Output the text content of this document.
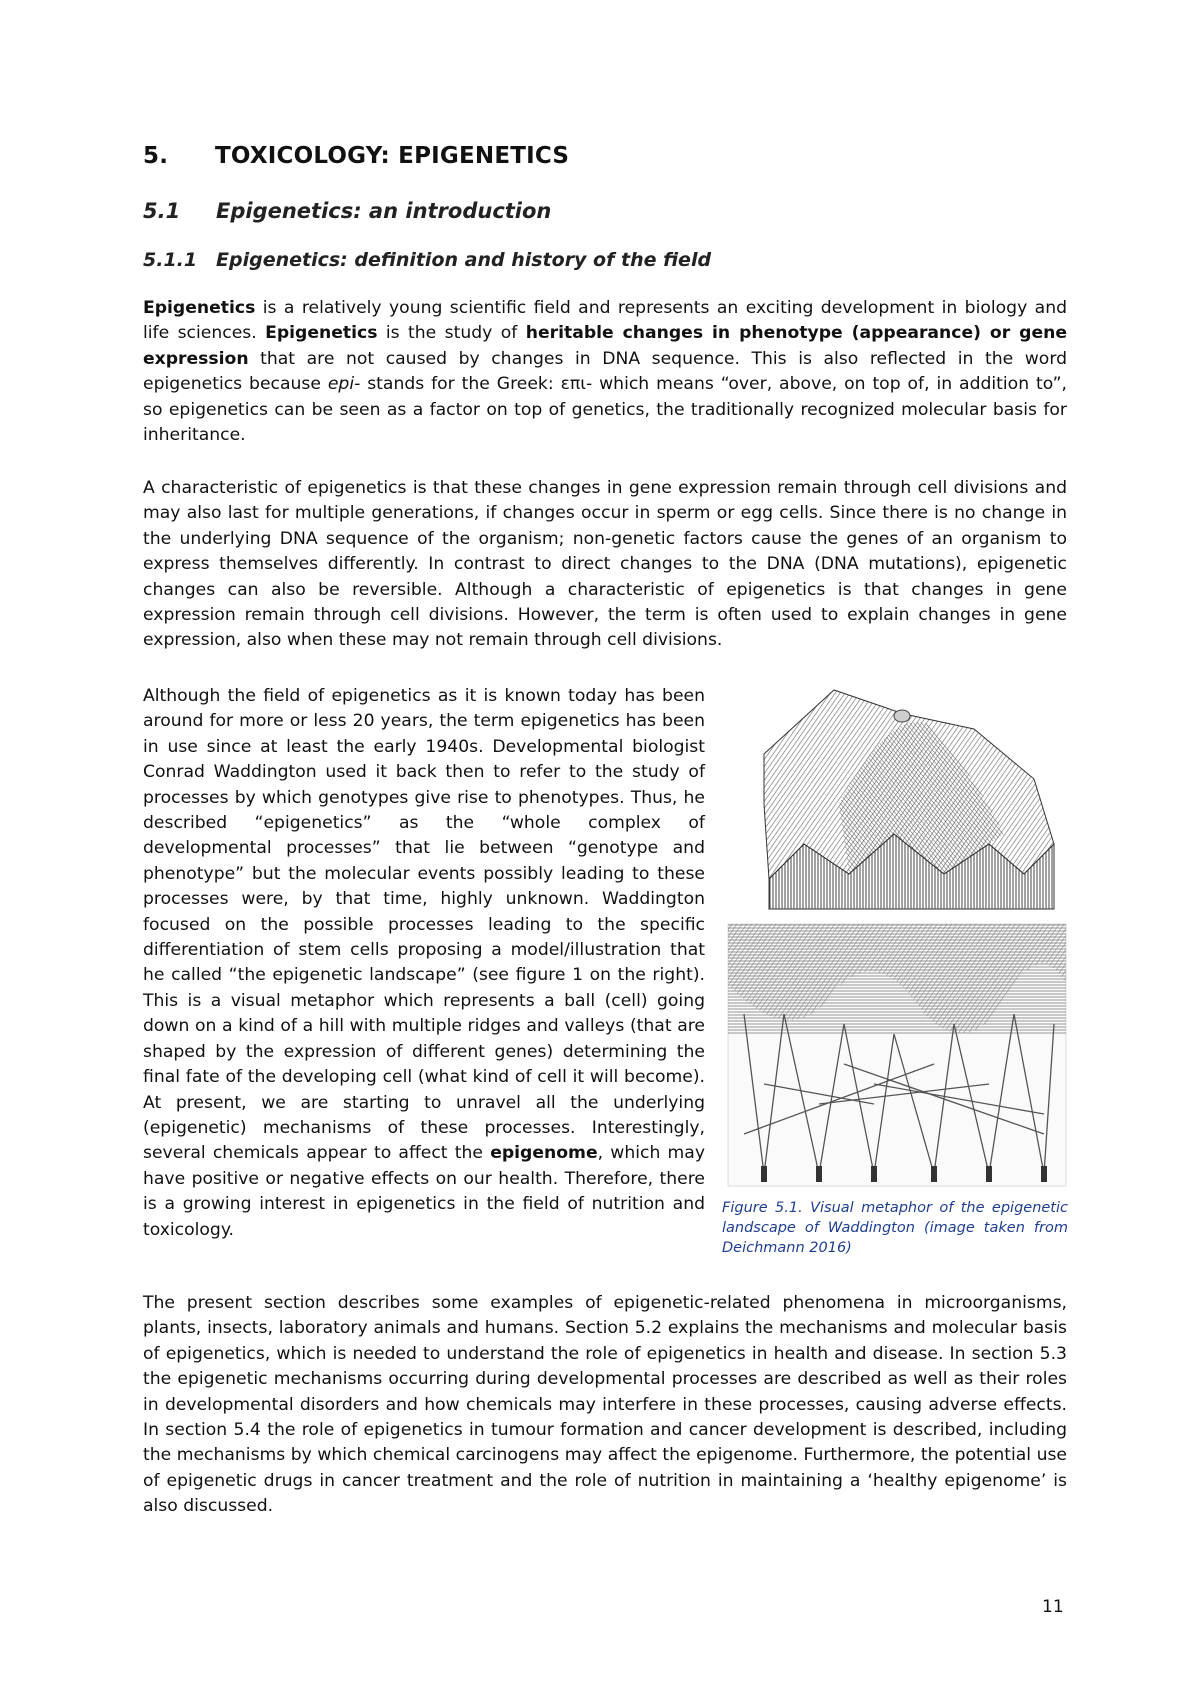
5. TOXICOLOGY: EPIGENETICS
5.1 Epigenetics: an introduction
5.1.1 Epigenetics: definition and history of the field

Epigenetics is a relatively young scientific field and represents an exciting development in biology and life sciences. Epigenetics is the study of heritable changes in phenotype (appearance) or gene expression that are not caused by changes in DNA sequence. This is also reflected in the word epigenetics because epi- stands for the Greek: επι- which means “over, above, on top of, in addition to”, so epigenetics can be seen as a factor on top of genetics, the traditionally recognized molecular basis for inheritance.

A characteristic of epigenetics is that these changes in gene expression remain through cell divisions and may also last for multiple generations, if changes occur in sperm or egg cells. Since there is no change in the underlying DNA sequence of the organism; non-genetic factors cause the genes of an organism to express themselves differently. In contrast to direct changes to the DNA (DNA mutations), epigenetic changes can also be reversible. Although a characteristic of epigenetics is that changes in gene expression remain through cell divisions. However, the term is often used to explain changes in gene expression, also when these may not remain through cell divisions.

Although the field of epigenetics as it is known today has been around for more or less 20 years, the term epigenetics has been in use since at least the early 1940s. Developmental biologist Conrad Waddington used it back then to refer to the study of processes by which genotypes give rise to phenotypes. Thus, he described “epigenetics” as the “whole complex of developmental processes” that lie between “genotype and phenotype” but the molecular events possibly leading to these processes were, by that time, highly unknown. Waddington focused on the possible processes leading to the specific differentiation of stem cells proposing a model/illustration that he called “the epigenetic landscape” (see figure 1 on the right). This is a visual metaphor which represents a ball (cell) going down on a kind of a hill with multiple ridges and valleys (that are shaped by the expression of different genes) determining the final fate of the developing cell (what kind of cell it will become). At present, we are starting to unravel all the underlying (epigenetic) mechanisms of these processes. Interestingly, several chemicals appear to affect the epigenome, which may have positive or negative effects on our health. Therefore, there is a growing interest in epigenetics in the field of nutrition and toxicology.

Figure 5.1. Visual metaphor of the epigenetic landscape of Waddington (image taken from Deichmann 2016)

The present section describes some examples of epigenetic-related phenomena in microorganisms, plants, insects, laboratory animals and humans. Section 5.2 explains the mechanisms and molecular basis of epigenetics, which is needed to understand the role of epigenetics in health and disease. In section 5.3 the epigenetic mechanisms occurring during developmental processes are described as well as their roles in developmental disorders and how chemicals may interfere in these processes, causing adverse effects. In section 5.4 the role of epigenetics in tumour formation and cancer development is described, including the mechanisms by which chemical carcinogens may affect the epigenome. Furthermore, the potential use of epigenetic drugs in cancer treatment and the role of nutrition in maintaining a ‘healthy epigenome’ is also discussed.

11
